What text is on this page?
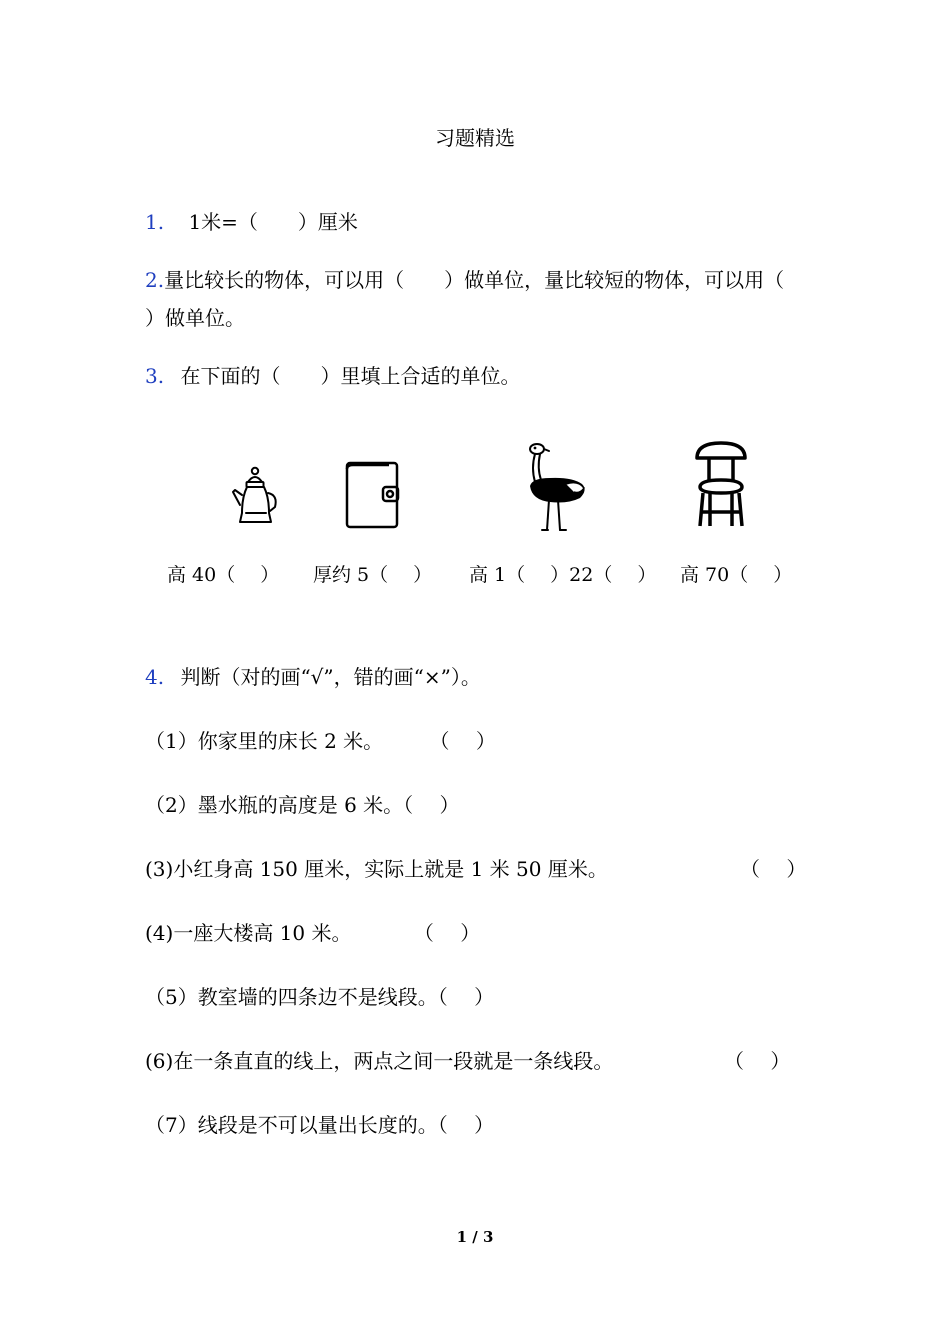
习题精选
1. 1米=（　　）厘米
2.量比较长的物体，可以用（　　）做单位，量比较短的物体，可以用（
）做单位。
3. 在下面的（　　）里填上合适的单位。
高 40（　 ） 厚约 5（　 ） 高 1（　 ）22（　 ） 高 70（　 ）
4. 判断（对的画“√”，错的画“×”）。
（1）你家里的床长 2 米。 （　 ）
（2）墨水瓶的高度是 6 米。（　 ）
(3)小红身高 150 厘米，实际上就是 1 米 50 厘米。	（　 ）
(4)一座大楼高 10 米。	（　 ）
（5）教室墙的四条边不是线段。（　 ）
(6)在一条直直的线上，两点之间一段就是一条线段。	（　 ）
（7）线段是不可以量出长度的。（　 ）
1 / 3
